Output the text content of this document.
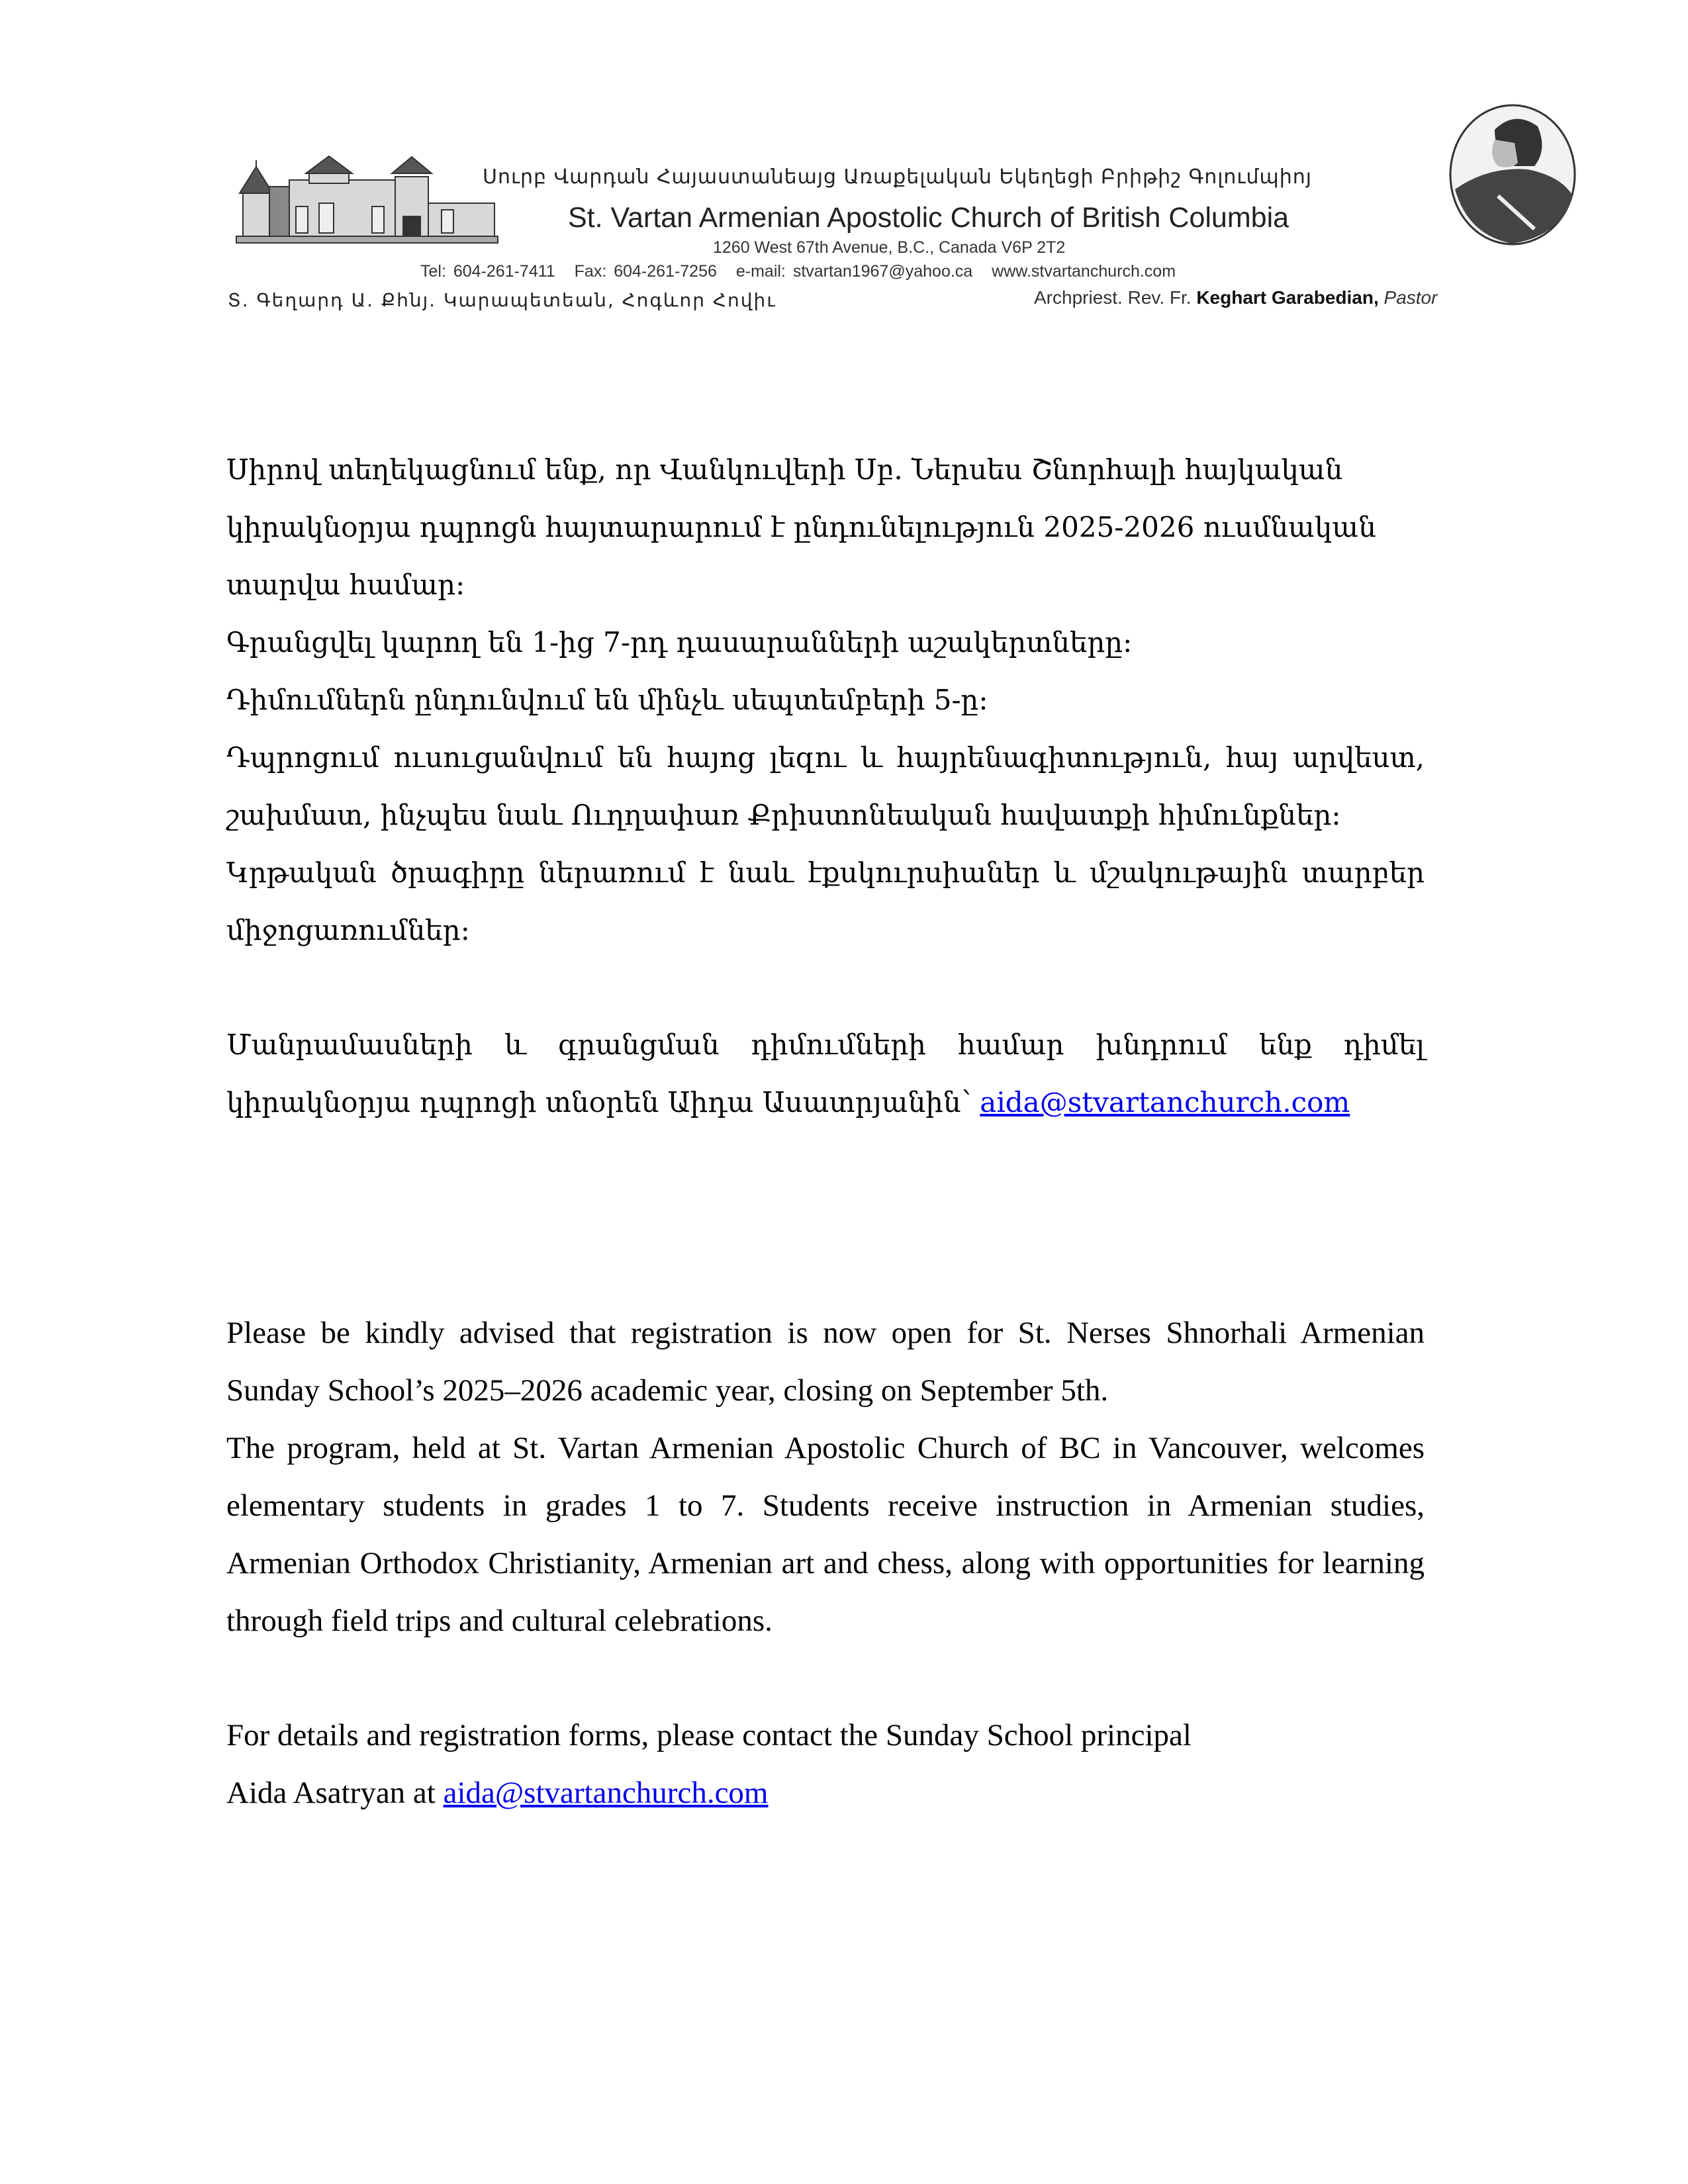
Սուրբ Վարդան Հայաստանեայց Առաքելական Եկեղեցի Բրիթիշ Գոլումպիոյ
St. Vartan Armenian Apostolic Church of British Columbia
1260 West 67th Avenue, B.C., Canada V6P 2T2
Tel: 604-261-7411 Fax: 604-261-7256 e-mail: stvartan1967@yahoo.ca www.stvartanchurch.com
Archpriest. Rev. Fr. Keghart Garabedian, Pastor
Տ. Գեղարդ Ա. Քհնյ. Կարապետեան, Հոգևոր Հովիւ

Սիրով տեղեկացնում ենք, որ Վանկուվերի Սբ. Ներսես Շնորհալի հայկական կիրակնօրյա դպրոցն հայտարարում է ընդունելություն 2025-2026 ուսմնական տարվա համար:

Գրանցվել կարող են 1-ից 7-րդ դասարանների աշակերտները:

Դիմումներն ընդունվում են մինչև սեպտեմբերի 5-ը:

Դպրոցում ուսուցանվում են հայոց լեզու և հայրենագիտություն, հայ արվեստ, շախմատ, ինչպես նաև Ուղղափառ Քրիստոնեական հավատքի հիմունքներ:

Կրթական ծրագիրը ներառում է նաև էքսկուրսիաներ և մշակութային տարբեր միջոցառումներ:

Մանրամասների և գրանցման դիմումների համար խնդրում ենք դիմել կիրակնօրյա դպրոցի տնօրեն Աիդա Ասատրյանին՝ aida@stvartanchurch.com

Please be kindly advised that registration is now open for St. Nerses Shnorhali Armenian Sunday School’s 2025–2026 academic year, closing on September 5th.

The program, held at St. Vartan Armenian Apostolic Church of BC in Vancouver, welcomes elementary students in grades 1 to 7. Students receive instruction in Armenian studies, Armenian Orthodox Christianity, Armenian art and chess, along with opportunities for learning through field trips and cultural celebrations.

For details and registration forms, please contact the Sunday School principal

Aida Asatryan at aida@stvartanchurch.com
